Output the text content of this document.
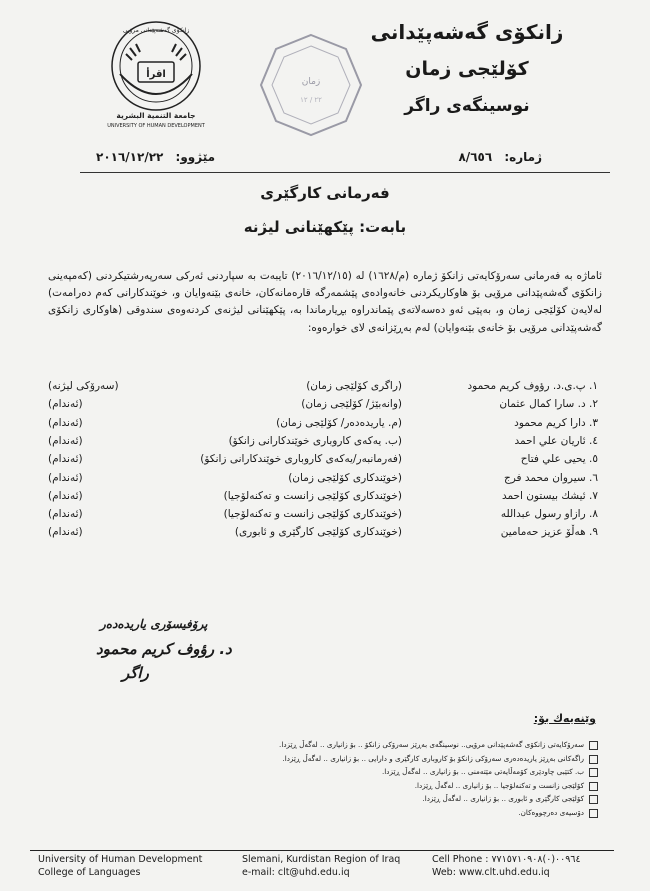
اقرأ
زانكۆی گەشەپێدانی مرۆیی
جامعة التنمية البشرية
UNIVERSITY OF HUMAN DEVELOPMENT
زمان
٢٢ / ١٢
زانكۆى گەشەپێدانى
كۆلێجى زمان
نوسینگەی راگر
ژمارە: ٨/٦٥٦
مێژوو: ٢٠١٦/١٢/٢٢
فەرمانی كارگێری
بابەت: پێكهێنانی لیژنە
ئاماژە بە فەرمانی سەرۆكایەتی زانكۆ ژمارە (م/١٦٢٨) لە (٢٠١٦/١٢/١٥) تایبەت بە سپاردنی ئەركی سەرپەرشتیكردنی (كەمپەینی زانكۆی گەشەپێدانی مرۆیی بۆ هاوكاریكردنی خانەوادەی پێشمەرگە قارەمانەكان، خانەی بێنەوایان و، خوێندكارانی كەم دەرامەت) لەلایەن كۆلێجی زمان و، بەپێی ئەو دەسەلاتەی پێماندراوە بڕیارماندا بە، پێكهێنانی لیژنەی كردنەوەی سندوقی (هاوكاری زانكۆی گەشەپێدانی مرۆیی بۆ خانەی بێنەوایان) لەم بەڕێزانەی لای خوارەوە:
١. پ.ی.د. رؤوف كريم محمود
(راگری كۆلێجی زمان)
(سەرۆكی لیژنە)
٢. د. سارا كمال عثمان
(وانەبێژ/ كۆلێجی زمان)
(ئەندام)
٣. دارا كريم محمود
(م. یاریدەدەر/ كۆلێجی زمان)
(ئەندام)
٤. ئاريان علي احمد
(ب. یەكەی كاروباری خوێندكارانی زانكۆ)
(ئەندام)
٥. يحيى علي فتاح
(فەرمانبەر/یەكەی كاروباری خوێندكارانی زانكۆ)
(ئەندام)
٦. سيروان محمد فرج
(خوێندكاری كۆلێجی زمان)
(ئەندام)
٧. ئيشك بيستون احمد
(خوێندكاری كۆلێجی زانست و تەكنەلۆجیا)
(ئەندام)
٨. رازاو رسول عبدالله
(خوێندكاری كۆلێجی زانست و تەكنەلۆجیا)
(ئەندام)
٩. هەڵۆ عزيز حەمامین
(خوێندكاری كۆلێجی كارگێری و ئابوری)
(ئەندام)
پرۆفیسۆری یاریدەدەر
د. رؤوف كريم محمود
راگر
وێنەیەك بۆ:
سەرۆكایەتی زانكۆی گەشەپێدانی مرۆیی.. نوسینگەی بەڕێز سەرۆكی زانكۆ .. بۆ زانیاری .. لەگەڵ ڕێزدا.
راگەكانی بەڕێز یاریدەدەری سەرۆكی زانكۆ بۆ كاروباری كارگێری و دارایی .. بۆ زانیاری .. لەگەڵ ڕێزدا.
ب. كتێبی چاودێری كۆمەڵایەتی مێتەمنی .. بۆ زانیاری .. لەگەڵ ڕێزدا.
كۆلێجی زانست و تەكنەلۆجیا .. بۆ زانیاری .. لەگەڵ ڕێزدا.
كۆلێجی كارگێری و ئابوری .. بۆ زانیاری .. لەگەڵ ڕێزدا.
دۆسیەی دەرچووەكان.
University of Human Development
College of Languages
Slemani, Kurdistan Region of Iraq
e-mail: clt@uhd.edu.iq
Cell Phone : ٠٠٩٦٤(٠)٧٧١٥٧١٠٩٠٨
Web: www.clt.uhd.edu.iq
